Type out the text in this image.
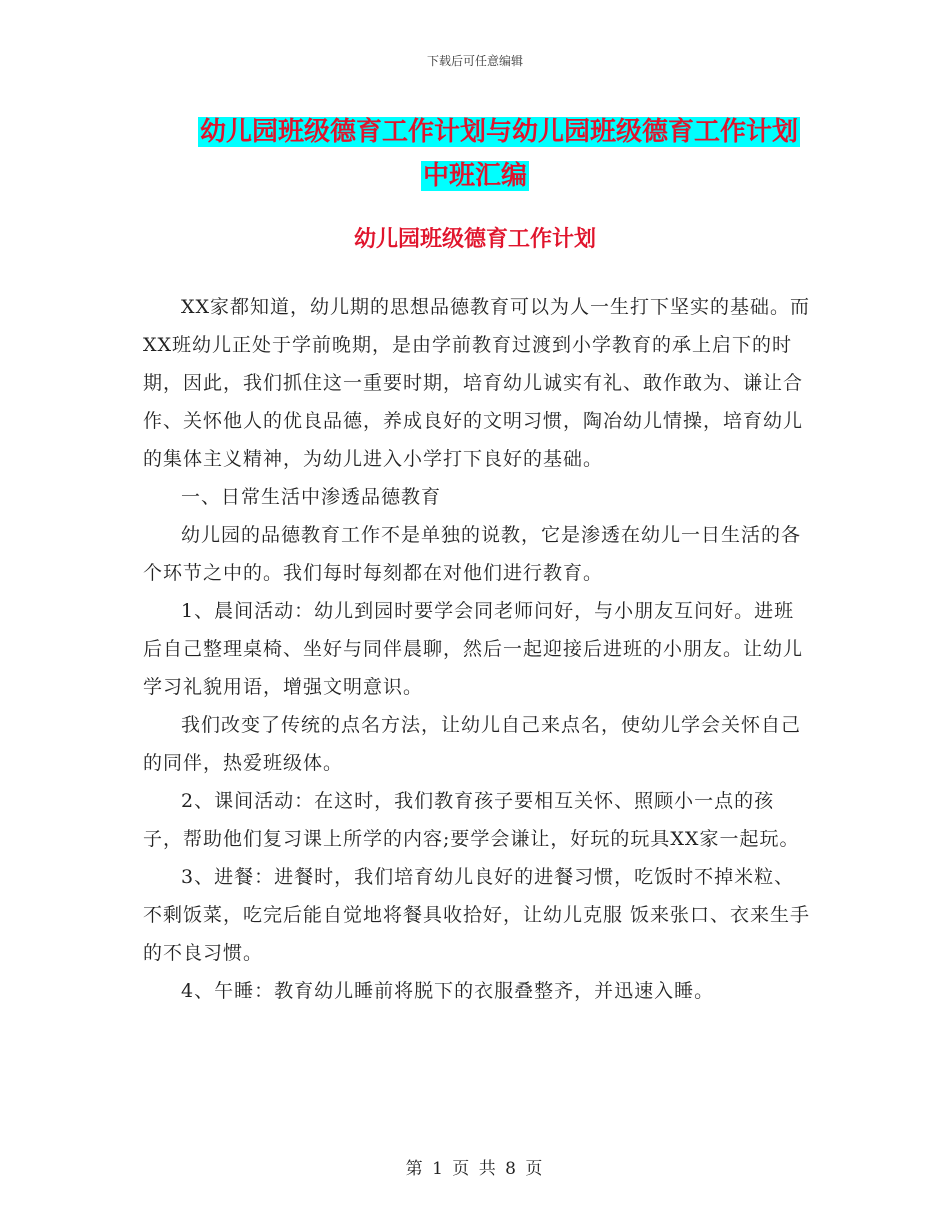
下载后可任意编辑
幼儿园班级德育工作计划与幼儿园班级德育工作计划
中班汇编
幼儿园班级德育工作计划

XX家都知道，幼儿期的思想品德教育可以为人一生打下坚实的基础。而XX班幼儿正处于学前晚期，是由学前教育过渡到小学教育的承上启下的时期，因此，我们抓住这一重要时期，培育幼儿诚实有礼、敢作敢为、谦让合作、关怀他人的优良品德，养成良好的文明习惯，陶冶幼儿情操，培育幼儿的集体主义精神，为幼儿进入小学打下良好的基础。

一、日常生活中渗透品德教育

幼儿园的品德教育工作不是单独的说教，它是渗透在幼儿一日生活的各个环节之中的。我们每时每刻都在对他们进行教育。

1、晨间活动：幼儿到园时要学会同老师问好，与小朋友互问好。进班后自己整理桌椅、坐好与同伴晨聊，然后一起迎接后进班的小朋友。让幼儿学习礼貌用语，增强文明意识。

我们改变了传统的点名方法，让幼儿自己来点名，使幼儿学会关怀自己的同伴，热爱班级体。

2、课间活动：在这时，我们教育孩子要相互关怀、照顾小一点的孩子，帮助他们复习课上所学的内容;要学会谦让，好玩的玩具XX家一起玩。

3、进餐：进餐时，我们培育幼儿良好的进餐习惯，吃饭时不掉米粒、不剩饭菜，吃完后能自觉地将餐具收拾好，让幼儿克服 饭来张口、衣来生手 的不良习惯。

4、午睡：教育幼儿睡前将脱下的衣服叠整齐，并迅速入睡。

第 1 页 共 8 页
